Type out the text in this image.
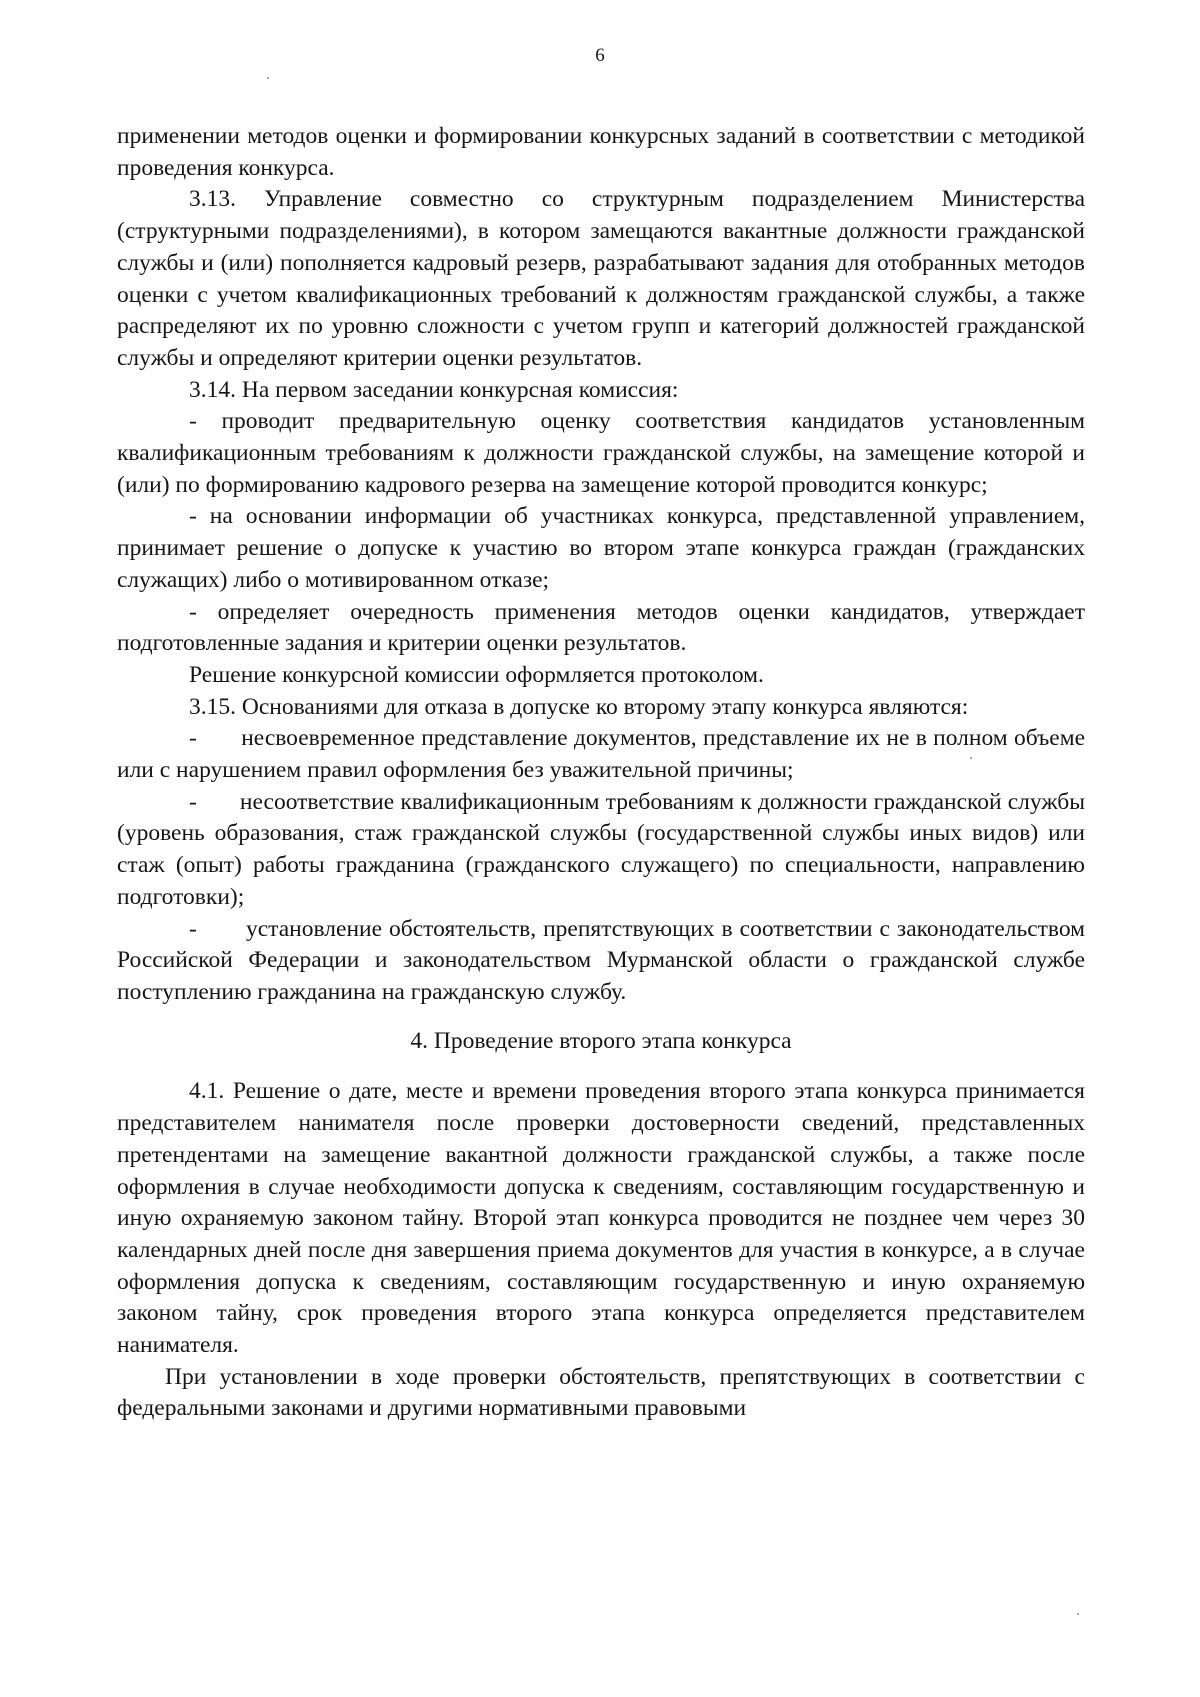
6

применении методов оценки и формировании конкурсных заданий в соответствии с методикой проведения конкурса.

3.13. Управление совместно со структурным подразделением Министерства (структурными подразделениями), в котором замещаются вакантные должности гражданской службы и (или) пополняется кадровый резерв, разрабатывают задания для отобранных методов оценки с учетом квалификационных требований к должностям гражданской службы, а также распределяют их по уровню сложности с учетом групп и категорий должностей гражданской службы и определяют критерии оценки результатов.

3.14. На первом заседании конкурсная комиссия:

- проводит предварительную оценку соответствия кандидатов установленным квалификационным требованиям к должности гражданской службы, на замещение которой и (или) по формированию кадрового резерва на замещение которой проводится конкурс;

- на основании информации об участниках конкурса, представленной управлением, принимает решение о допуске к участию во втором этапе конкурса граждан (гражданских служащих) либо о мотивированном отказе;

- определяет очередность применения методов оценки кандидатов, утверждает подготовленные задания и критерии оценки результатов.

Решение конкурсной комиссии оформляется протоколом.

3.15. Основаниями для отказа в допуске ко второму этапу конкурса являются:

-       несвоевременное представление документов, представление их не в полном объеме или с нарушением правил оформления без уважительной причины;

-       несоответствие квалификационным требованиям к должности гражданской службы (уровень образования, стаж гражданской службы (государственной службы иных видов) или стаж (опыт) работы гражданина (гражданского служащего) по специальности, направлению подготовки);

-       установление обстоятельств, препятствующих в соответствии с законодательством Российской Федерации и законодательством Мурманской области о гражданской службе поступлению гражданина на гражданскую службу.

4. Проведение второго этапа конкурса

4.1. Решение о дате, месте и времени проведения второго этапа конкурса принимается представителем нанимателя после проверки достоверности сведений, представленных претендентами на замещение вакантной должности гражданской службы, а также после оформления в случае необходимости допуска к сведениям, составляющим государственную и иную охраняемую законом тайну. Второй этап конкурса проводится не позднее чем через 30 календарных дней после дня завершения приема документов для участия в конкурсе, а в случае оформления допуска к сведениям, составляющим государственную и иную охраняемую законом тайну, срок проведения второго этапа конкурса определяется представителем нанимателя.

При установлении в ходе проверки обстоятельств, препятствующих в соответствии с федеральными законами и другими нормативными правовыми
